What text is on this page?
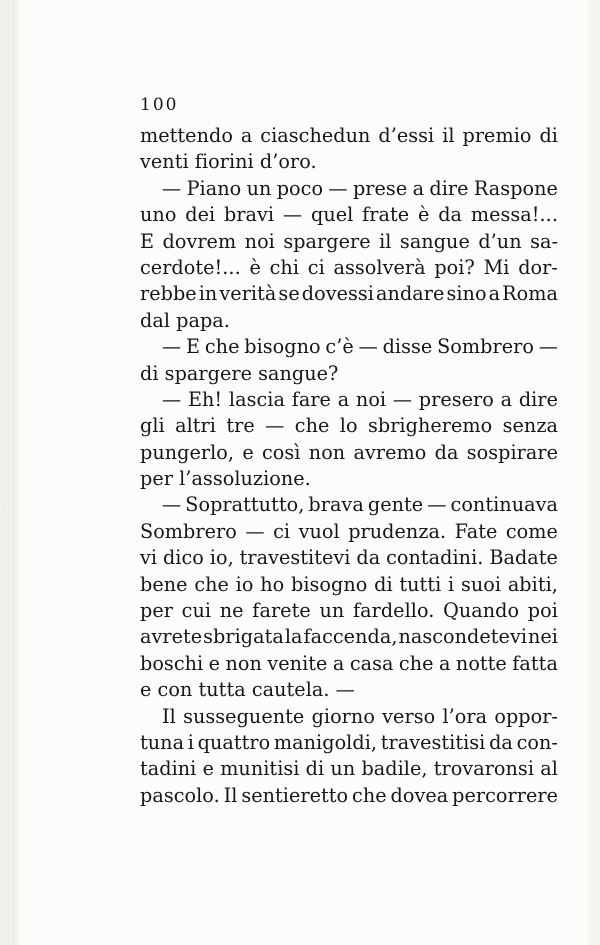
100
mettendo a ciaschedun d’essi il premio di
venti fiorini d’oro.
— Piano un poco — prese a dire Raspone
uno dei bravi — quel frate è da messa!...
E dovrem noi spargere il sangue d’un sa-
cerdote!... è chi ci assolverà poi? Mi dor-
rebbe in verità se dovessi andare sino a Roma
dal papa.
— E che bisogno c’è — disse Sombrero —
di spargere sangue?
— Eh! lascia fare a noi — presero a dire
gli altri tre — che lo sbrigheremo senza
pungerlo, e così non avremo da sospirare
per l’assoluzione.
— Soprattutto, brava gente — continuava
Sombrero — ci vuol prudenza. Fate come
vi dico io, travestitevi da contadini. Badate
bene che io ho bisogno di tutti i suoi abiti,
per cui ne farete un fardello. Quando poi
avrete sbrigata la faccenda, nascondetevi nei
boschi e non venite a casa che a notte fatta
e con tutta cautela. —
Il susseguente giorno verso l’ora oppor-
tuna i quattro manigoldi, travestitisi da con-
tadini e munitisi di un badile, trovaronsi al
pascolo. Il sentieretto che dovea percorrere
